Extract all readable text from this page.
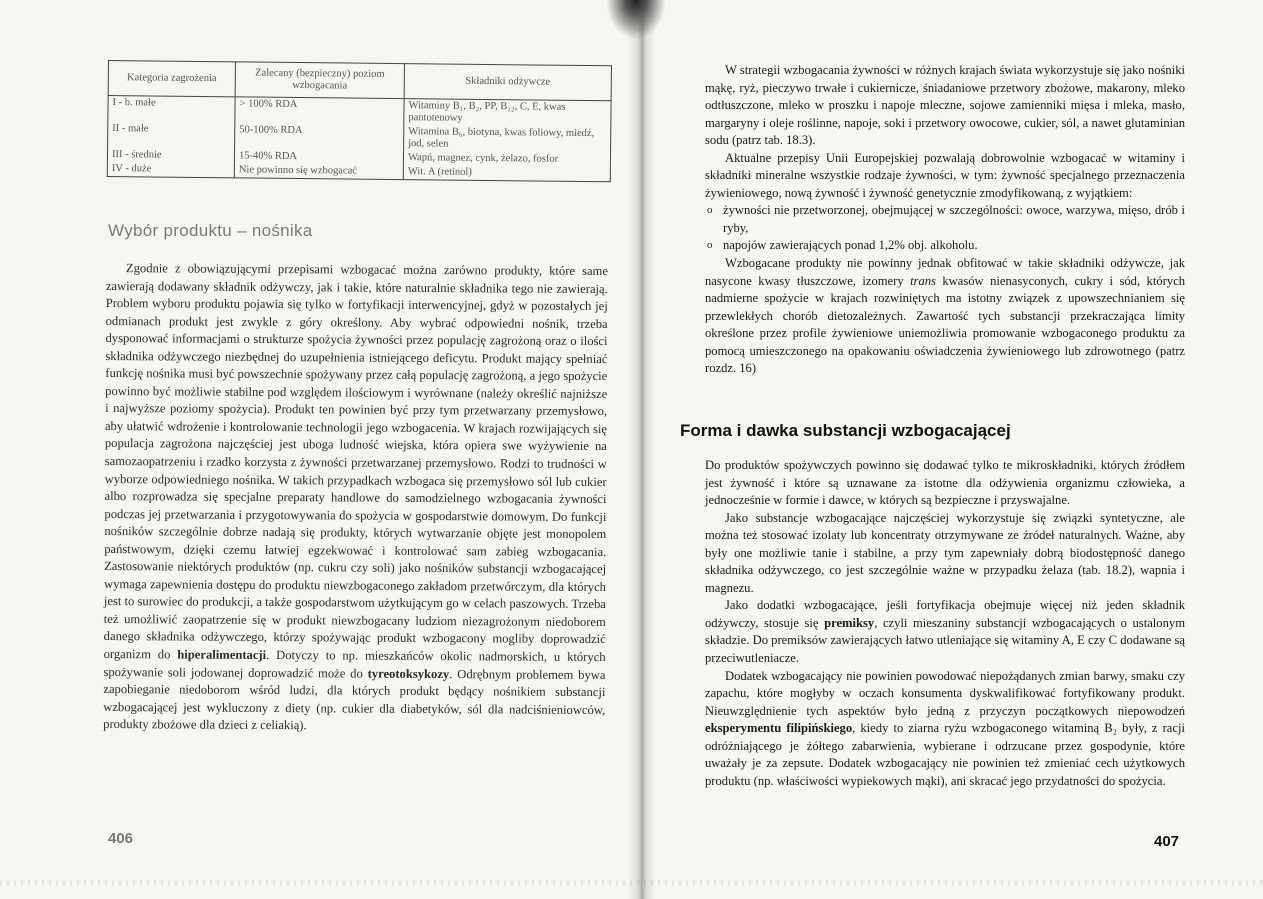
Kategoria zagrożenia	Zalecany (bezpieczny) poziom wzbogacania	Składniki odżywcze
I - b. małe	> 100% RDA	Witaminy B₁, B₂, PP, B₁₂, C, E, kwas pantotenowy
II - małe	50-100% RDA	Witamina B₆, biotyna, kwas foliowy, miedź, jod, selen
III - średnie	15-40% RDA	Wapń, magnez, cynk, żelazo, fosfor
IV - duże	Nie powinno się wzbogacać	Wit. A (retinol)
Wybór produktu – nośnika

Zgodnie z obowiązującymi przepisami wzbogacać można zarówno produkty, które same zawierają dodawany składnik odżywczy, jak i takie, które naturalnie składnika tego nie zawierają. Problem wyboru produktu pojawia się tylko w fortyfikacji interwencyjnej, gdyż w pozostałych jej odmianach produkt jest zwykle z góry określony. Aby wybrać odpowiedni nośnik, trzeba dysponować informacjami o strukturze spożycia żywności przez populację zagrożoną oraz o ilości składnika odżywczego niezbędnej do uzupełnienia istniejącego deficytu. Produkt mający spełniać funkcję nośnika musi być powszechnie spożywany przez całą populację zagrożoną, a jego spożycie powinno być możliwie stabilne pod względem ilościowym i wyrównane (należy określić najniższe i najwyższe poziomy spożycia). Produkt ten powinien być przy tym przetwarzany przemysłowo, aby ułatwić wdrożenie i kontrolowanie technologii jego wzbogacenia. W krajach rozwijających się populacja zagrożona najczęściej jest uboga ludność wiejska, która opiera swe wyżywienie na samozaopatrzeniu i rzadko korzysta z żywności przetwarzanej przemysłowo. Rodzi to trudności w wyborze odpowiedniego nośnika. W takich przypadkach wzbogaca się przemysłowo sól lub cukier albo rozprowadza się specjalne preparaty handlowe do samodzielnego wzbogacania żywności podczas jej przetwarzania i przygotowywania do spożycia w gospodarstwie domowym. Do funkcji nośników szczególnie dobrze nadają się produkty, których wytwarzanie objęte jest monopolem państwowym, dzięki czemu łatwiej egzekwować i kontrolować sam zabieg wzbogacania. Zastosowanie niektórych produktów (np. cukru czy soli) jako nośników substancji wzbogacającej wymaga zapewnienia dostępu do produktu niewzbogaconego zakładom przetwórczym, dla których jest to surowiec do produkcji, a także gospodarstwom użytkującym go w celach paszowych. Trzeba też umożliwić zaopatrzenie się w produkt niewzbogacany ludziom niezagrożonym niedoborem danego składnika odżywczego, którzy spożywając produkt wzbogacony mogliby doprowadzić organizm do hiperalimentacji. Dotyczy to np. mieszkańców okolic nadmorskich, u których spożywanie soli jodowanej doprowadzić może do tyreotoksykozy. Odrębnym problemem bywa zapobieganie niedoborom wśród ludzi, dla których produkt będący nośnikiem substancji wzbogacającej jest wykluczony z diety (np. cukier dla diabetyków, sól dla nadciśnieniowców, produkty zbożowe dla dzieci z celiakią).

406

W strategii wzbogacania żywności w różnych krajach świata wykorzystuje się jako nośniki mąkę, ryż, pieczywo trwałe i cukiernicze, śniadaniowe przetwory zbożowe, makarony, mleko odtłuszczone, mleko w proszku i napoje mleczne, sojowe zamienniki mięsa i mleka, masło, margaryny i oleje roślinne, napoje, soki i przetwory owocowe, cukier, sól, a nawet glutaminian sodu (patrz tab. 18.3).

Aktualne przepisy Unii Europejskiej pozwalają dobrowolnie wzbogacać w witaminy i składniki mineralne wszystkie rodzaje żywności, w tym: żywność specjalnego przeznaczenia żywieniowego, nową żywność i żywność genetycznie zmodyfikowaną, z wyjątkiem:

o żywności nie przetworzonej, obejmującej w szczególności: owoce, warzywa, mięso, drób i ryby,
o napojów zawierających ponad 1,2% obj. alkoholu.

Wzbogacane produkty nie powinny jednak obfitować w takie składniki odżywcze, jak nasycone kwasy tłuszczowe, izomery trans kwasów nienasyconych, cukry i sód, których nadmierne spożycie w krajach rozwiniętych ma istotny związek z upowszechnianiem się przewlekłych chorób dietozależnych. Zawartość tych substancji przekraczająca limity określone przez profile żywieniowe uniemożliwia promowanie wzbogaconego produktu za pomocą umieszczonego na opakowaniu oświadczenia żywieniowego lub zdrowotnego (patrz rozdz. 16)

Forma i dawka substancji wzbogacającej

Do produktów spożywczych powinno się dodawać tylko te mikroskładniki, których źródłem jest żywność i które są uznawane za istotne dla odżywienia organizmu człowieka, a jednocześnie w formie i dawce, w których są bezpieczne i przyswajalne.

Jako substancje wzbogacające najczęściej wykorzystuje się związki syntetyczne, ale można też stosować izolaty lub koncentraty otrzymywane ze źródeł naturalnych. Ważne, aby były one możliwie tanie i stabilne, a przy tym zapewniały dobrą biodostępność danego składnika odżywczego, co jest szczególnie ważne w przypadku żelaza (tab. 18.2), wapnia i magnezu.

Jako dodatki wzbogacające, jeśli fortyfikacja obejmuje więcej niż jeden składnik odżywczy, stosuje się premiksy, czyli mieszaniny substancji wzbogacających o ustalonym składzie. Do premiksów zawierających łatwo utleniające się witaminy A, E czy C dodawane są przeciwutleniacze.

Dodatek wzbogacający nie powinien powodować niepożądanych zmian barwy, smaku czy zapachu, które mogłyby w oczach konsumenta dyskwalifikować fortyfikowany produkt. Nieuwzględnienie tych aspektów było jedną z przyczyn początkowych niepowodzeń eksperymentu filipińskiego, kiedy to ziarna ryżu wzbogaconego witaminą B₂ były, z racji odróżniającego je żółtego zabarwienia, wybierane i odrzucane przez gospodynie, które uważały je za zepsute. Dodatek wzbogacający nie powinien też zmieniać cech użytkowych produktu (np. właściwości wypiekowych mąki), ani skracać jego przydatności do spożycia.

407
